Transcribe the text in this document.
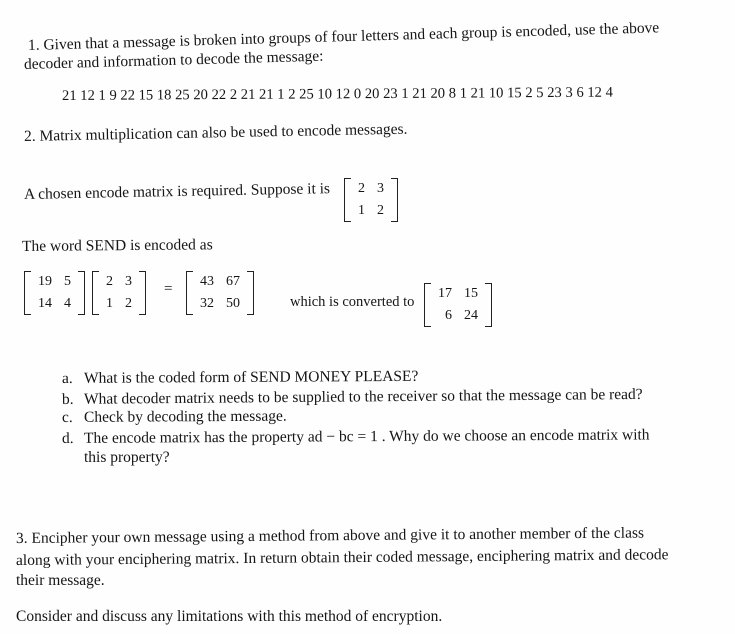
1. Given that a message is broken into groups of four letters and each group is encoded, use the above
decoder and information to decode the message:
21 12 1 9 22 15 18 25 20 22 2 21 21 1 2 25 10 12 0 20 23 1 21 20 8 1 21 10 15 2 5 23 3 6 12 4
2. Matrix multiplication can also be used to encode messages.
A chosen encode matrix is required. Suppose it is 2	3
1	2
The word SEND is encoded as
19	5
14	4
2	3
1	2
= 43	67
32	50	which is converted to
17	15
6	24
a. What is the coded form of SEND MONEY PLEASE?
b. What decoder matrix needs to be supplied to the receiver so that the message can be read?
c. Check by decoding the message.
d. The encode matrix has the property ad − bc = 1 . Why do we choose an encode matrix with
this property?
3. Encipher your own message using a method from above and give it to another member of the class
along with your enciphering matrix. In return obtain their coded message, enciphering matrix and decode
their message.
Consider and discuss any limitations with this method of encryption.
